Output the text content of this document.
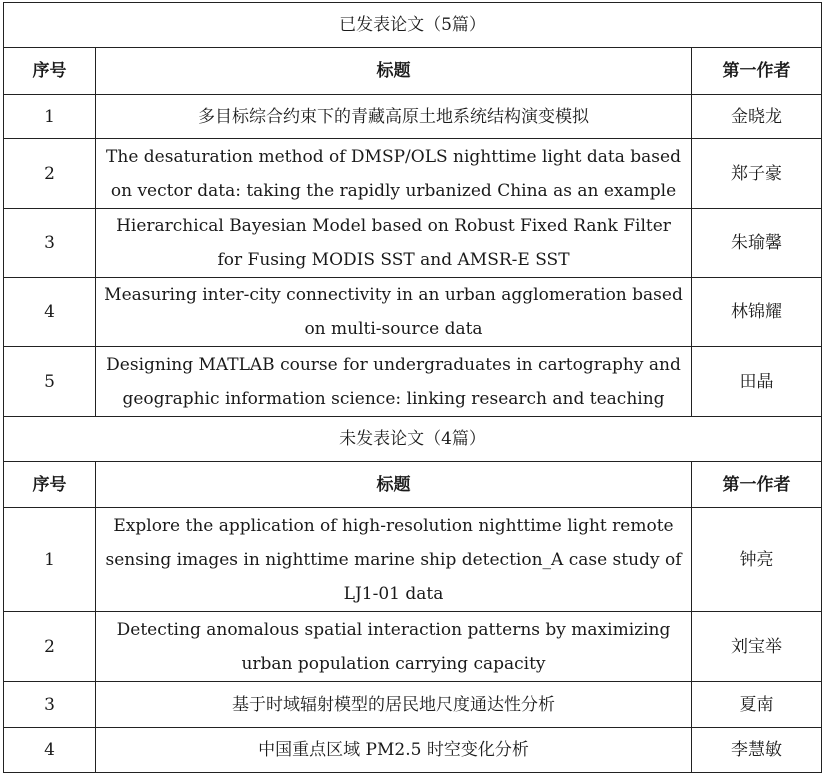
已发表论文（5篇）		
序号	标题	第一作者
1	多目标综合约束下的青藏高原土地系统结构演变模拟	金晓龙
2	The desaturation method of DMSP/OLS nighttime light data based on vector data: taking the rapidly urbanized China as an example	郑子豪
3	Hierarchical Bayesian Model based on Robust Fixed Rank Filter for Fusing MODIS SST and AMSR-E SST	朱瑜馨
4	Measuring inter-city connectivity in an urban agglomeration based on multi-source data	林锦耀
5	Designing MATLAB course for undergraduates in cartography and geographic information science: linking research and teaching	田晶
未发表论文（4篇）		
序号	标题	第一作者
1	Explore the application of high-resolution nighttime light remote sensing images in nighttime marine ship detection_A case study of LJ1-01 data	钟亮
2	Detecting anomalous spatial interaction patterns by maximizing urban population carrying capacity	刘宝举
3	基于时域辐射模型的居民地尺度通达性分析	夏南
4	中国重点区域 PM2.5 时空变化分析	李慧敏
